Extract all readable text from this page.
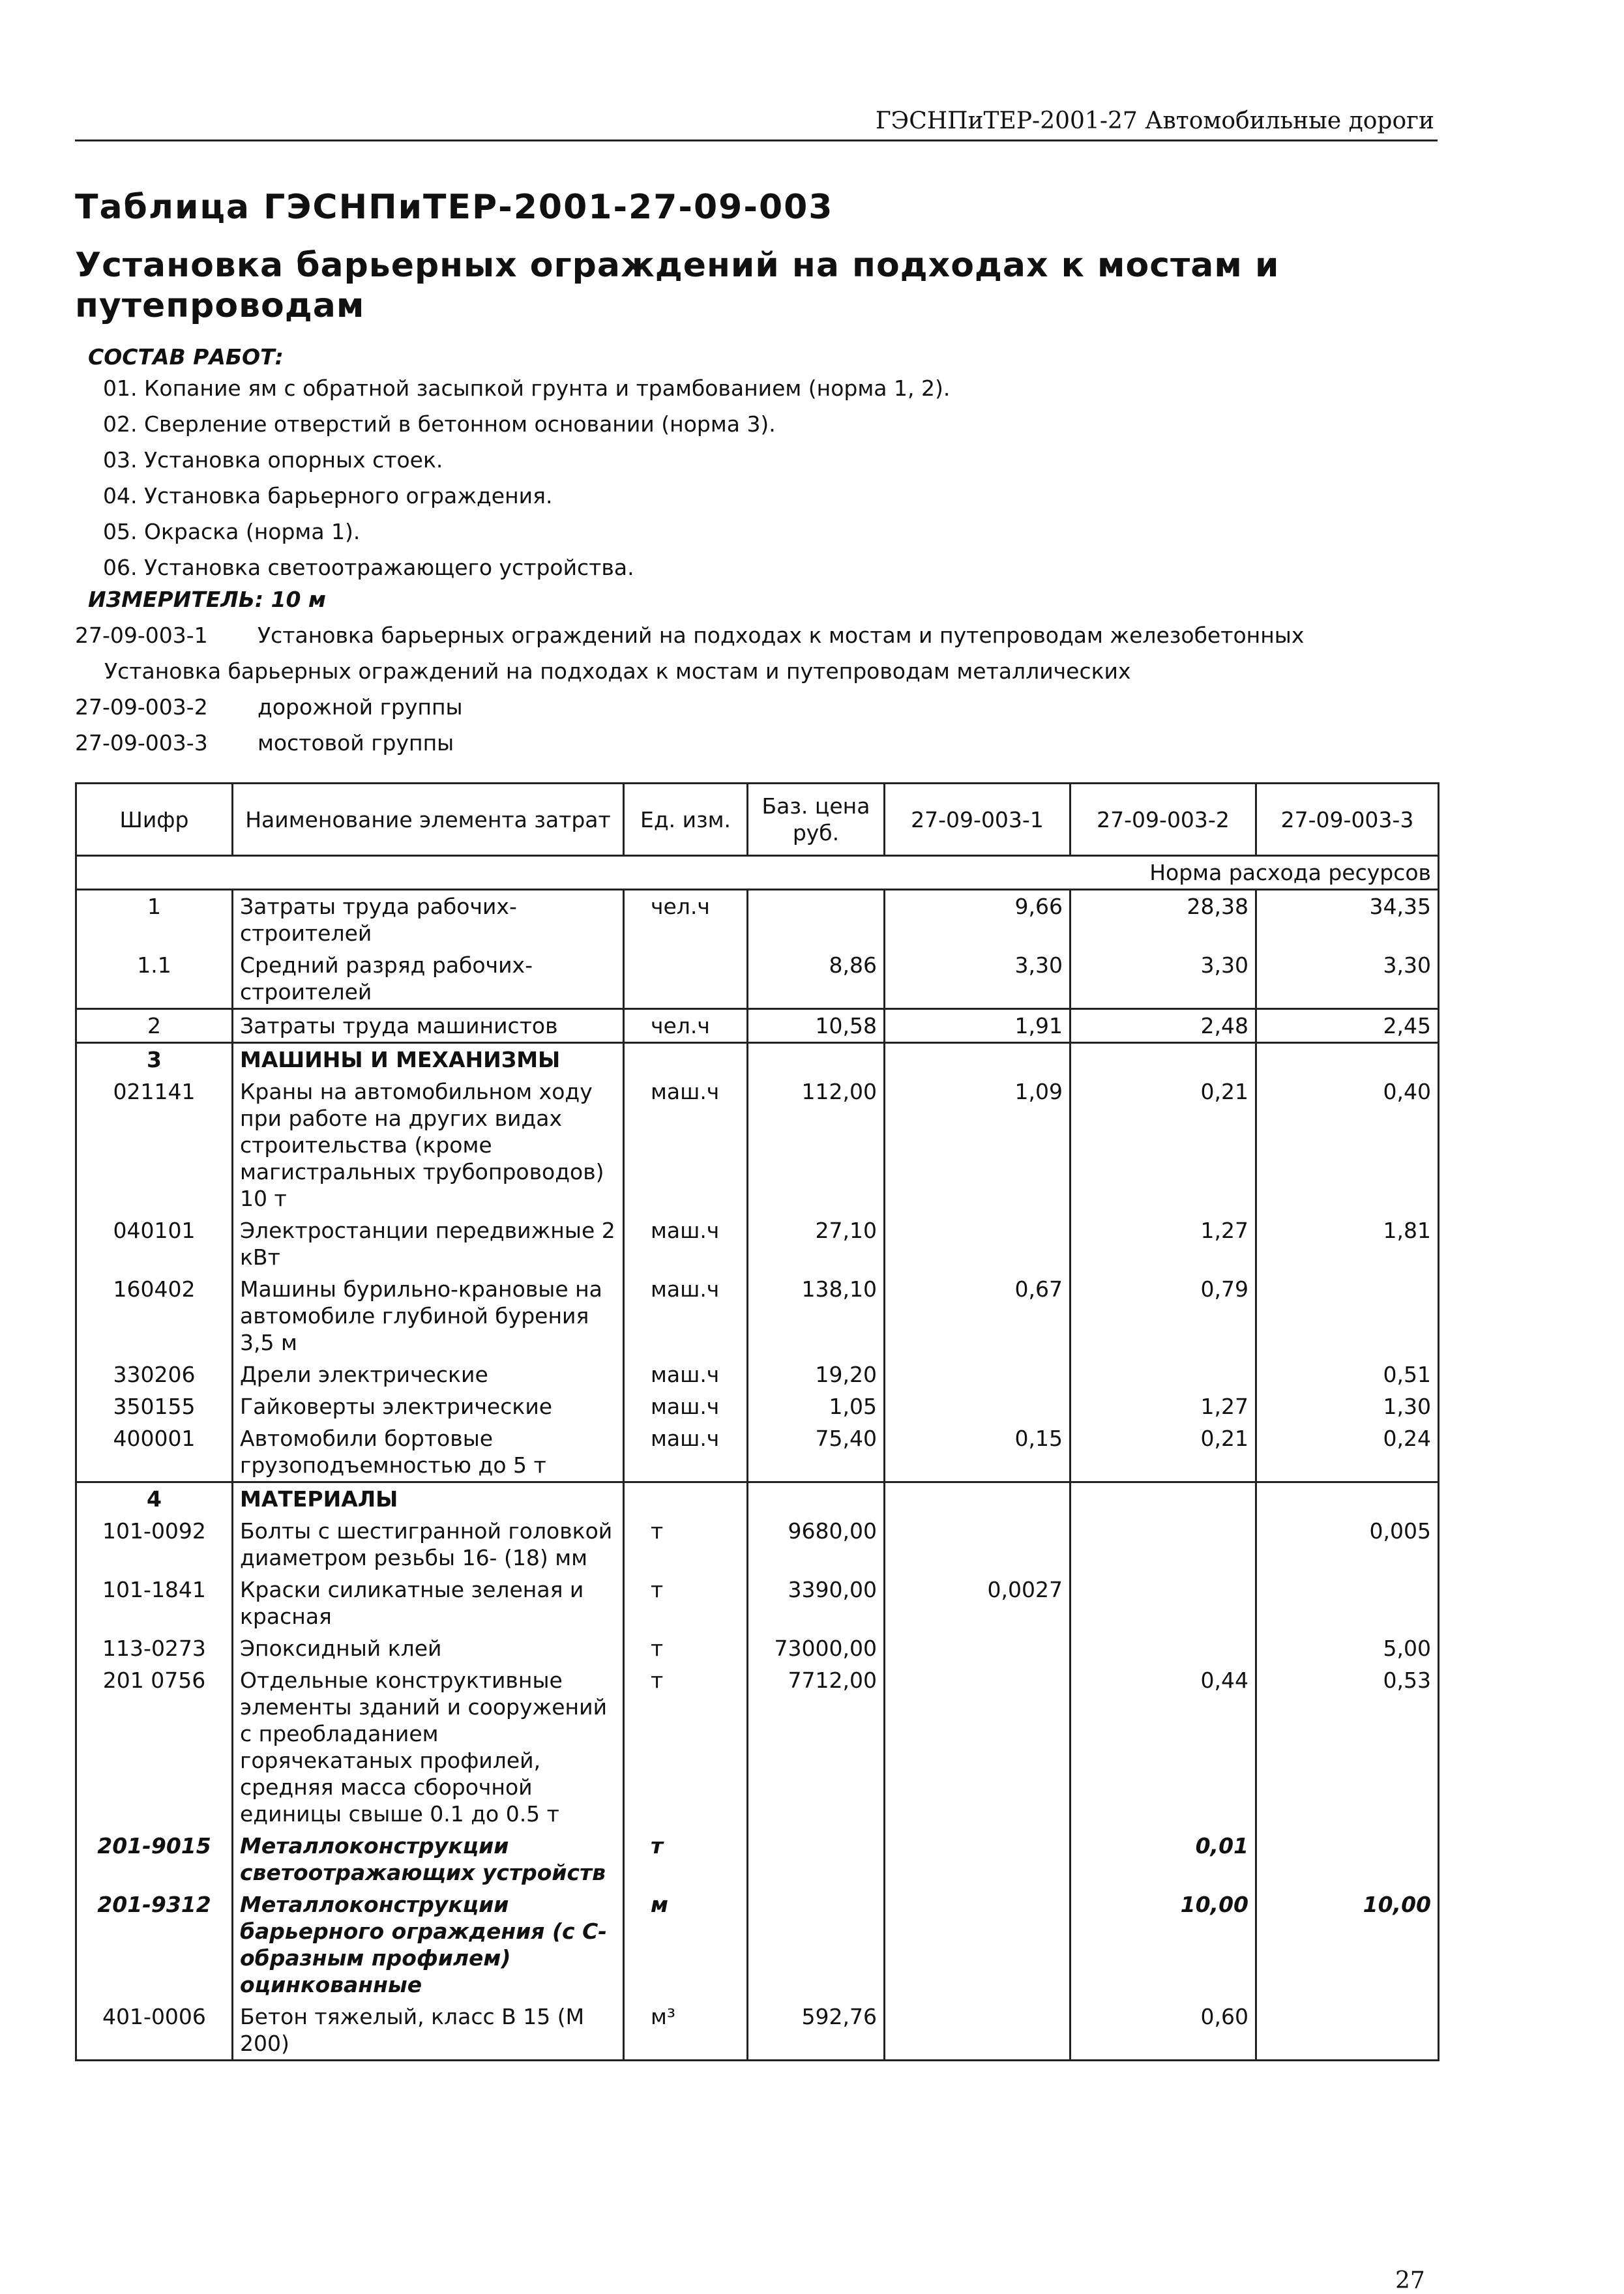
ГЭСНПиТЕР-2001-27 Автомобильные дороги
Таблица ГЭСНПиТЕР-2001-27-09-003
Установка барьерных ограждений на подходах к мостам и путепроводам
СОСТАВ РАБОТ:
01. Копание ям с обратной засыпкой грунта и трамбованием (норма 1, 2).
02. Сверление отверстий в бетонном основании (норма 3).
03. Установка опорных стоек.
04. Установка барьерного ограждения.
05. Окраска (норма 1).
06. Установка светоотражающего устройства.
ИЗМЕРИТЕЛЬ: 10 м
27-09-003-1 Установка барьерных ограждений на подходах к мостам и путепроводам железобетонных
Установка барьерных ограждений на подходах к мостам и путепроводам металлических
27-09-003-2 дорожной группы
27-09-003-3 мостовой группы
Шифр	Наименование элемента затрат	Ед. изм.	Баз. цена руб.	27-09-003-1	27-09-003-2	27-09-003-3
Норма расхода ресурсов						
1	Затраты труда рабочих-строителей	чел.ч		9,66	28,38	34,35
1.1	Средний разряд рабочих-строителей		8,86	3,30	3,30	3,30
2	Затраты труда машинистов	чел.ч	10,58	1,91	2,48	2,45
3	МАШИНЫ И МЕХАНИЗМЫ					
021141	Краны на автомобильном ходу при работе на других видах строительства (кроме магистральных трубопроводов) 10 т	маш.ч	112,00	1,09	0,21	0,40
040101	Электростанции передвижные 2 кВт	маш.ч	27,10		1,27	1,81
160402	Машины бурильно-крановые на автомобиле глубиной бурения 3,5 м	маш.ч	138,10	0,67	0,79	
330206	Дрели электрические	маш.ч	19,20			0,51
350155	Гайковерты электрические	маш.ч	1,05		1,27	1,30
400001	Автомобили бортовые грузоподъемностью до 5 т	маш.ч	75,40	0,15	0,21	0,24
4	МАТЕРИАЛЫ					
101-0092	Болты с шестигранной головкой диаметром резьбы 16- (18) мм	т	9680,00			0,005
101-1841	Краски силикатные зеленая и красная	т	3390,00	0,0027		
113-0273	Эпоксидный клей	т	73000,00			5,00
201 0756	Отдельные конструктивные элементы зданий и сооружений с преобладанием горячекатаных профилей, средняя масса сборочной единицы свыше 0.1 до 0.5 т	т	7712,00		0,44	0,53
201-9015	Металлоконструкции светоотражающих устройств	т			0,01	
201-9312	Металлоконструкции барьерного ограждения (с С-образным профилем) оцинкованные	м			10,00	10,00
401-0006	Бетон тяжелый, класс В 15 (М 200)	м³	592,76		0,60	
27
